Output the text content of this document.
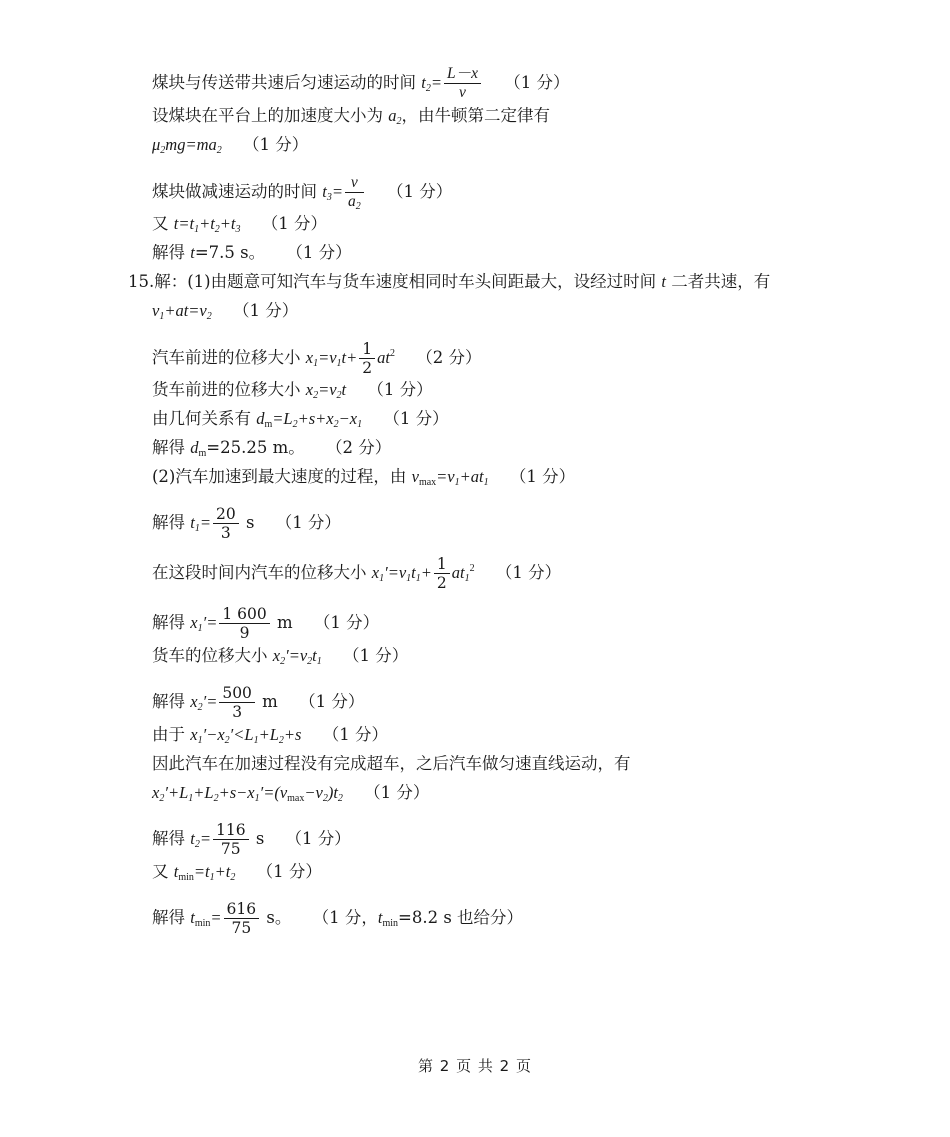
煤块与传送带共速后匀速运动的时间 $t_2= \frac{L-x}{v} (1$ 分）
设煤块在平台上的加速度大小为 $a_2$，由牛顿第二定律有
$\mu_2mg=ma_2$ （1 分）
煤块做减速运动的时间 $t_3= \frac{v}{a_2} (1$ 分）
又 $t=t_1+t_2+t_3$ （1 分）
解得 t=7.5 s。 （1 分）
15.解：(1)由题意可知汽车与货车速度相同时车头间距最大，设经过时间 t 二者共速，有
$v_1+at=v_2$ （1 分）
汽车前进的位移大小 $x_1=v_1t+ \frac{1}{2} at^2$ （2 分）
货车前进的位移大小 $x_2=v_2t$ （1 分）
由几何关系有 $d_m=L_2+s+x_2-x_1$ （1 分）
解得 $d_m=25.25$ m。 （2 分）
(2)汽车加速到最大速度的过程，由 $v_{max}=v_1+at_1$ （1 分）
解得 $t_1= \frac{20}{3}$ s （1 分）
在这段时间内汽车的位移大小 $x_1'=v_1t_1+ \frac{1}{2} at_1^2$ （1 分）
解得 $x_1'= \frac{1 600}{9}$ m （1 分）
货车的位移大小 $x_2'=v_2t_1$ （1 分）
解得 $x_2'= \frac{500}{3}$ m （1 分）
由于 $x_1'-x_2'<L_1+L_2+s$ （1 分）
因此汽车在加速过程没有完成超车，之后汽车做匀速直线运动，有
$x_2'+L_1+L_2+s-x_1'=(v_{max}-v_2)t_2$ （1 分）
解得 $t_2= \frac{116}{75}$ s （1 分）
又 $t_{min}=t_1+t_2$ （1 分）
解得 $t_{min}= \frac{616}{75}$ s。 （1 分，$t_{min}=8.2$ s 也给分）
第 2 页 共 2 页
